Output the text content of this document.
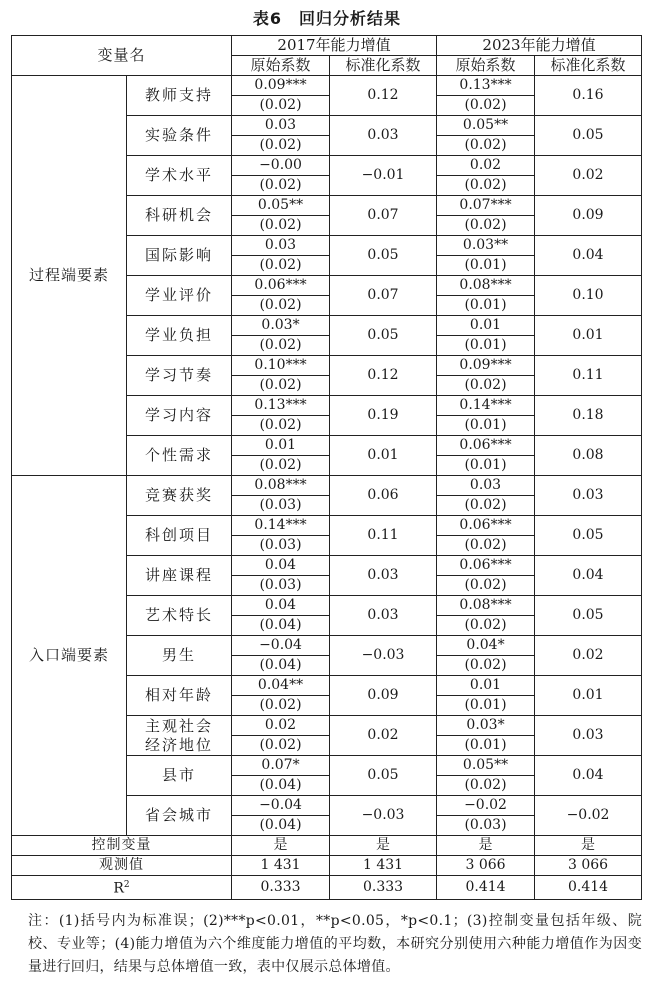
表6　回归分析结果
变量名		2017年能力增值		2023年能力增值	
		原始系数	标准化系数	原始系数	标准化系数
过程端要素	教师支持	0.09***	0.12	0.13***	0.16
		(0.02)		(0.02)	
	实验条件	0.03	0.03	0.05**	0.05
		(0.02)		(0.02)	
	学术水平	−0.00	−0.01	0.02	0.02
		(0.02)		(0.02)	
	科研机会	0.05**	0.07	0.07***	0.09
		(0.02)		(0.02)	
	国际影响	0.03	0.05	0.03**	0.04
		(0.02)		(0.01)	
	学业评价	0.06***	0.07	0.08***	0.10
		(0.02)		(0.01)	
	学业负担	0.03*	0.05	0.01	0.01
		(0.02)		(0.01)	
	学习节奏	0.10***	0.12	0.09***	0.11
		(0.02)		(0.02)	
	学习内容	0.13***	0.19	0.14***	0.18
		(0.02)		(0.01)	
	个性需求	0.01	0.01	0.06***	0.08
		(0.02)		(0.01)	
入口端要素	竞赛获奖	0.08***	0.06	0.03	0.03
		(0.03)		(0.02)	
	科创项目	0.14***	0.11	0.06***	0.05
		(0.03)		(0.02)	
	讲座课程	0.04	0.03	0.06***	0.04
		(0.03)		(0.02)	
	艺术特长	0.04	0.03	0.08***	0.05
		(0.04)		(0.02)	
	男生	−0.04	−0.03	0.04*	0.02
		(0.04)		(0.02)	
	相对年龄	0.04**	0.09	0.01	0.01
		(0.02)		(0.01)	
	主观社会
经济地位	0.02	0.02	0.03*	0.03
		(0.02)		(0.01)	
	县市	0.07*	0.05	0.05**	0.04
		(0.04)		(0.02)	
	省会城市	−0.04	−0.03	−0.02	−0.02
		(0.04)		(0.03)	
控制变量		是	是	是	是
观测值		1 431	1 431	3 066	3 066
$R^2$		0.333	0.333	0.414	0.414

注：(1)括号内为标准误；(2)***p<0.01，**p<0.05，*p<0.1；(3)控制变量包括年级、院校、专业等；(4)能力增值为六个维度能力增值的平均数，本研究分别使用六种能力增值作为因变量进行回归，结果与总体增值一致，表中仅展示总体增值。
